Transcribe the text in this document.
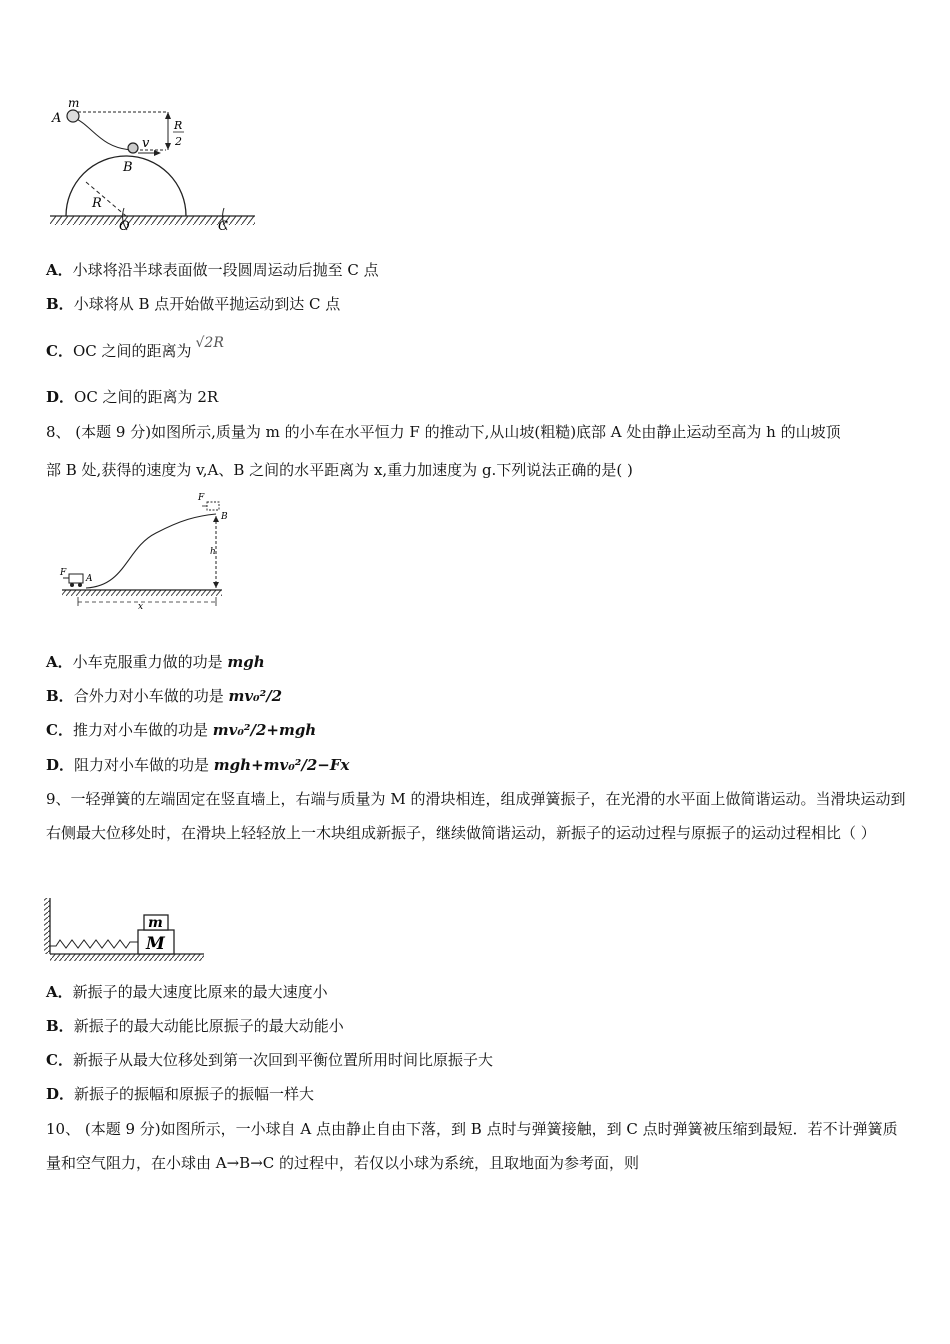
m
A
v
B
R
2
R
O	C
A．小球将沿半球表面做一段圆周运动后抛至 C 点
B．小球将从 B 点开始做平抛运动到达 C 点
C．OC 之间的距离为 √2R
D．OC 之间的距离为 2R
8、 (本题 9 分)如图所示,质量为 m 的小车在水平恒力 F 的推动下,从山坡(粗糙)底部 A 处由静止运动至高为 h 的山坡顶
部 B 处,获得的速度为 v,A、B 之间的水平距离为 x,重力加速度为 g.下列说法正确的是( )
F
B
h
F
A
x
A．小车克服重力做的功是 mgh
B．合外力对小车做的功是 mv₀²/2
C．推力对小车做的功是 mv₀²/2+mgh
D．阻力对小车做的功是 mgh+mv₀²/2−Fx
9、一轻弹簧的左端固定在竖直墙上，右端与质量为 M 的滑块相连，组成弹簧振子，在光滑的水平面上做简谐运动。当滑块运动到右侧最大位移处时，在滑块上轻轻放上一木块组成新振子，继续做简谐运动，新振子的运动过程与原振子的运动过程相比（ ）
m
M
A．新振子的最大速度比原来的最大速度小
B．新振子的最大动能比原振子的最大动能小
C．新振子从最大位移处到第一次回到平衡位置所用时间比原振子大
D．新振子的振幅和原振子的振幅一样大
10、 (本题 9 分)如图所示，一小球自 A 点由静止自由下落，到 B 点时与弹簧接触，到 C 点时弹簧被压缩到最短．若不计弹簧质量和空气阻力，在小球由 A→B→C 的过程中，若仅以小球为系统，且取地面为参考面，则
